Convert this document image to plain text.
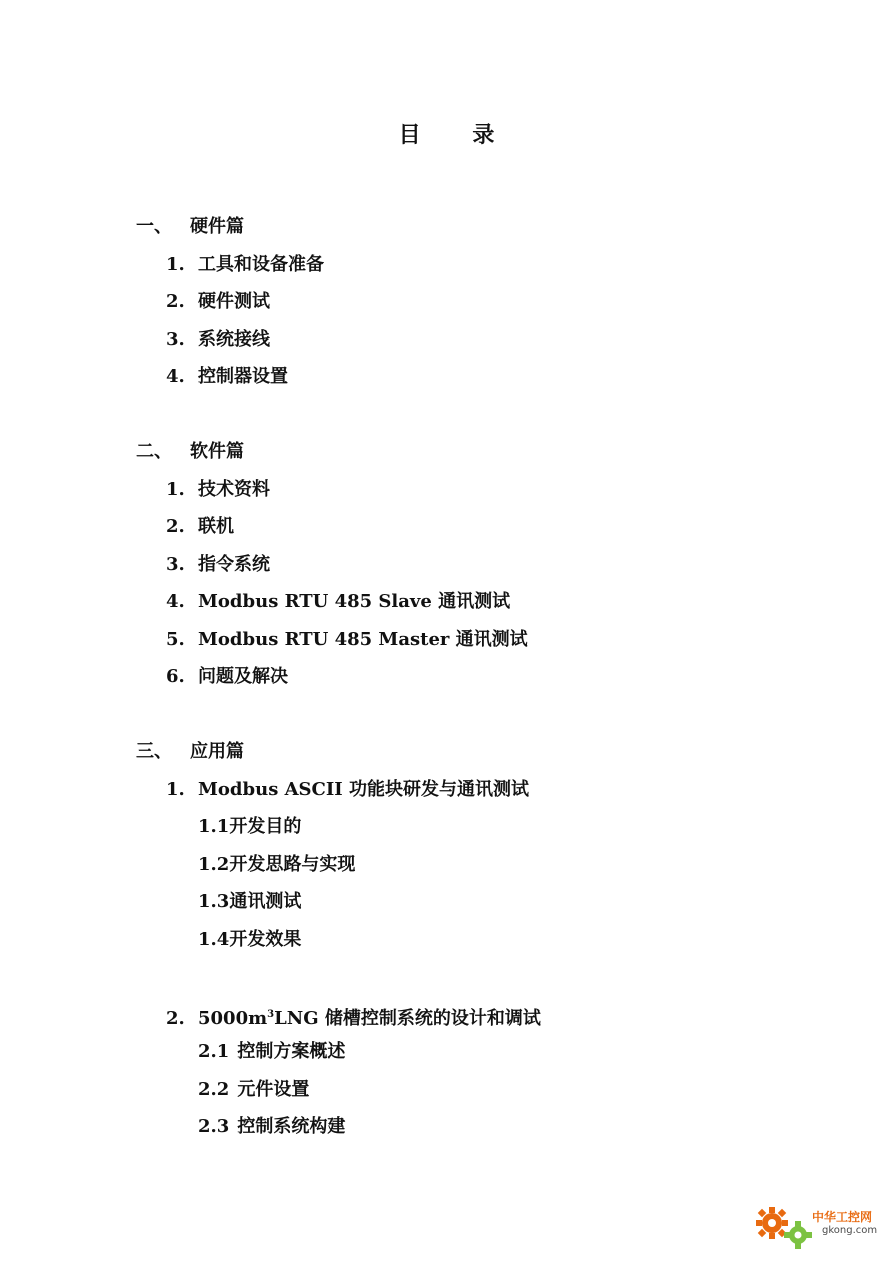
目 录
一、 硬件篇
1. 工具和设备准备
2. 硬件测试
3. 系统接线
4. 控制器设置
二、 软件篇
1. 技术资料
2. 联机
3. 指令系统
4. Modbus RTU 485 Slave 通讯测试
5. Modbus RTU 485 Master 通讯测试
6. 问题及解决
三、 应用篇
1. Modbus ASCII 功能块研发与通讯测试
1.1开发目的
1.2开发思路与实现
1.3通讯测试
1.4开发效果
2. $5000m^3LNG$ 储槽控制系统的设计和调试
2.1 控制方案概述
2.2 元件设置
2.3 控制系统构建
中华工控网
gkong.com
